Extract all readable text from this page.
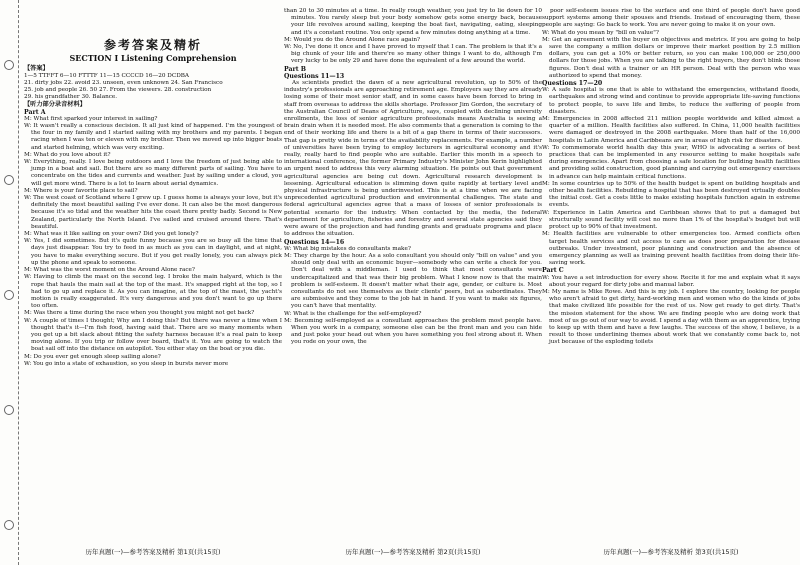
参考答案及精析
SECTION I Listening Comprehension

【答案】

1—5 TTFFT 6—10 FTTTF 11—15 CCCCD 16—20 DCDBA

21. dirty jobs 22. avoid 23. unseen, even unknown 24. San Francisco

25. job and people 26. 50 27. From the viewers. 28. construction

29. his grandfather 30. Balance.

【听力部分录音材料】

Part A

M: What first sparked your interest in sailing?

W: It wasn't really a conscious decision. It all just kind of happened. I'm the youngest of the four in my family and I started sailing with my brothers and my parents. I began racing when I was ten or eleven with my brother. Then we moved up into bigger boats and started helming, which was very exciting.

M: What do you love about it?

W: Everything, really. I love being outdoors and I love the freedom of just being able to jump in a boat and sail. But there are so many different parts of sailing. You have to concentrate on the tides and currents and weather. Just by sailing under a cloud, you will get more wind. There is a lot to learn about aerial dynamics.

M: Where is your favorite place to sail?

W: The west coast of Scotland where I grew up. I guess home is always your love, but it's definitely the most beautiful sailing I've ever done. It can also be the most dangerous because it's so tidal and the weather hits the coast there pretty badly. Second is New Zealand, particularly the North Island. I've sailed and cruised around there. That's beautiful.

M: What was it like sailing on your own? Did you get lonely?

W: Yes, I did sometimes. But it's quite funny because you are so busy all the time that days just disappear. You try to feed in as much as you can in daylight, and at night, you have to make everything secure. But if you get really lonely, you can always pick up the phone and speak to someone.

M: What was the worst moment on the Around Alone race?

W: Having to climb the mast on the second leg. I broke the main halyard, which is the rope that hauls the main sail at the top of the mast. It's snapped right at the top, so I had to go up and replace it. As you can imagine, at the top of the mast, the yacht's motion is really exaggerated. It's very dangerous and you don't want to go up there too often.

M: Was there a time during the race when you thought you might not get back?

W: A couple of times I thought; Why am I doing this? But there was never a time when I thought that's it—I'm fish food, having said that. There are so many moments when you get up a bit slack about fitting the safety harness because it's a real pain to keep moving alone. If you trip or follow over board, that's it. You are going to watch the boat sail off into the distance on autopilot. You either stay on the boat or you die.

M: Do you ever get enough sleep sailing alone?

W: You go into a state of exhaustion, so you sleep in bursts never more

历年真题(一)—参考答案及精析 第1页(共15页)

than 20 to 30 minutes at a time. In really rough weather, you just try to lie down for 10 minutes. You rarely sleep but your body somehow gets some energy back, because your life revolves around sailing, keeping the boat fast, navigating, eating, sleeping and it's a constant routine. You only spend a few minutes doing anything at a time.

M: Would you do the Around Alone race again?

W: No, I've done it once and I have proved to myself that I can. The problem is that it's a big chunk of your life and there're so many other things I want to do, although I'm very lucky to be only 29 and have done the equivalent of a few around the world.

Part B

Questions 11—13

As scientists predict the dawn of a new agricultural revolution, up to 50% of the industry's professionals are approaching retirement age. Employers say they are already losing some of their most senior staff, and in some cases have been forced to bring in staff from overseas to address the skills shortage. Professor Jim Gordon, the secretary of the Australian Council of Deans of Agriculture, says, coupled with declining university enrollments, the loss of senior agriculture professionals means Australia is seeing a brain drain when it is needed most. He also comments that a generation is coming to the end of their working life and there is a bit of a gap there in terms of their successors. That gap is pretty wide in terms of the availability replacements. For example, a number of universities have been trying to employ lecturers in agricultural economy and it's really, really hard to find people who are suitable. Earlier this month in a speech to international conference, the former Primary Industry's Minister John Kerin highlighted an urgent need to address this very alarming situation. He points out that government agricultural agencies are being cut down. Agricultural research development is lessening. Agricultural education is slimming down quite rapidly at tertiary level and physical infrastructure is being underinvested. This is at a time when we are facing unprecedented agricultural production and environmental challenges. The state and federal agricultural agencies agree that a mass of losses of senior professionals is potential scenario for the industry. When contacted by the media, the federal department for agriculture, fisheries and forestry and several state agencies said they were aware of the projection and had funding grants and graduate programs and place to address the situation.

Questions 14—16

W: What big mistakes do consultants make?

M: They charge by the hour. As a solo consultant you should only "bill on value" and you should only deal with an economic buyer—somebody who can write a check for you. Don't deal with a middleman. I used to think that most consultants were undercapitalized and that was their big problem. What I know now is that the main problem is self-esteem. It doesn't matter what their age, gender, or culture is. Most consultants do not see themselves as their clients' peers, but as subordinates. They are submissive and they come to the job hat in hand. If you want to make six figures, you can't have that mentality.

W: What is the challenge for the self-employed?

M: Becoming self-employed as a consultant approaches the problem most people have. When you work in a company, someone else can be the front man and you can hide and just poke your head out when you have something you feel strong about it. When you rode on your own, the

历年真题(一)—参考答案及精析 第2页(共15页)

poor self-esteem issues rise to the surface and one third of people don't have good support systems among their spouses and friends. Instead of encouraging them, these people are saying: Go back to work. You are never going to make it on your own.

W: What do you mean by "bill on value"?

M: Get an agreement with the buyer on objectives and metrics. If you are going to help save the company a million dollars or improve their market position by 2.5 million dollars, you can get a 10% or better return, so you can make 100,000 or 250,000 dollars for those jobs. When you are talking to the right buyers, they don't blink those figures. Don't deal with a trainer or an HR person. Deal with the person who was authorized to spend that money.

Questions 17—20

W: A safe hospital is one that is able to withstand the emergencies, withstand floods, earthquakes and strong wind and continue to provide appropriate life-saving functions to protect people, to save life and limbs, to reduce the suffering of people from disasters.

M: Emergencies in 2008 affected 211 million people worldwide and killed almost a quarter of a million. Health facilities also suffered. In China, 11,000 health facilities were damaged or destroyed in the 2008 earthquake. More than half of the 16,000 hospitals in Latin America and Caribbeans are in areas of high risk for disasters.

W: To commemorate world health day this year, WHO is advocating a series of best practices that can be implemented in any resource setting to make hospitals safe during emergencies. Apart from choosing a safe location for building health facilities and providing solid construction, good planning and carrying out emergency exercises in advance can help maintain critical functions.

M: In some countries up to 50% of the health budget is spent on building hospitals and other health facilities. Rebuilding a hospital that has been destroyed virtually doubles the initial cost. Get a costs little to make existing hospitals function again in extreme events.

W: Experience in Latin America and Caribbean shows that to put a damaged but structurally sound facility will cost no more than 1% of the hospital's budget but will protect up to 90% of that investment.

M: Health facilities are vulnerable to other emergencies too. Armed conflicts often target health services and cut access to care as does poor preparation for disease outbreaks. Under investment, poor planning and construction and the absence of emergency planning as well as training prevent health facilities from doing their life-saving work.

Part C

W: You have a set introduction for every show. Recite it for me and explain what it says about your regard for dirty jobs and manual labor.

M: My name is Mike Rowe. And this is my job. I explore the country, looking for people who aren't afraid to get dirty, hard-working men and women who do the kinds of jobs that make civilized life possible for the rest of us. Now get ready to get dirty. That's the mission statement for the show. We are finding people who are doing work that most of us go out of our way to avoid. I spend a day with them as an apprentice, trying to keep up with them and have a few laughs. The success of the show, I believe, is a result to those underlining themes about work that we constantly come back to, not just because of the exploding toilets

历年真题(一)—参考答案及精析 第3页(共15页)
